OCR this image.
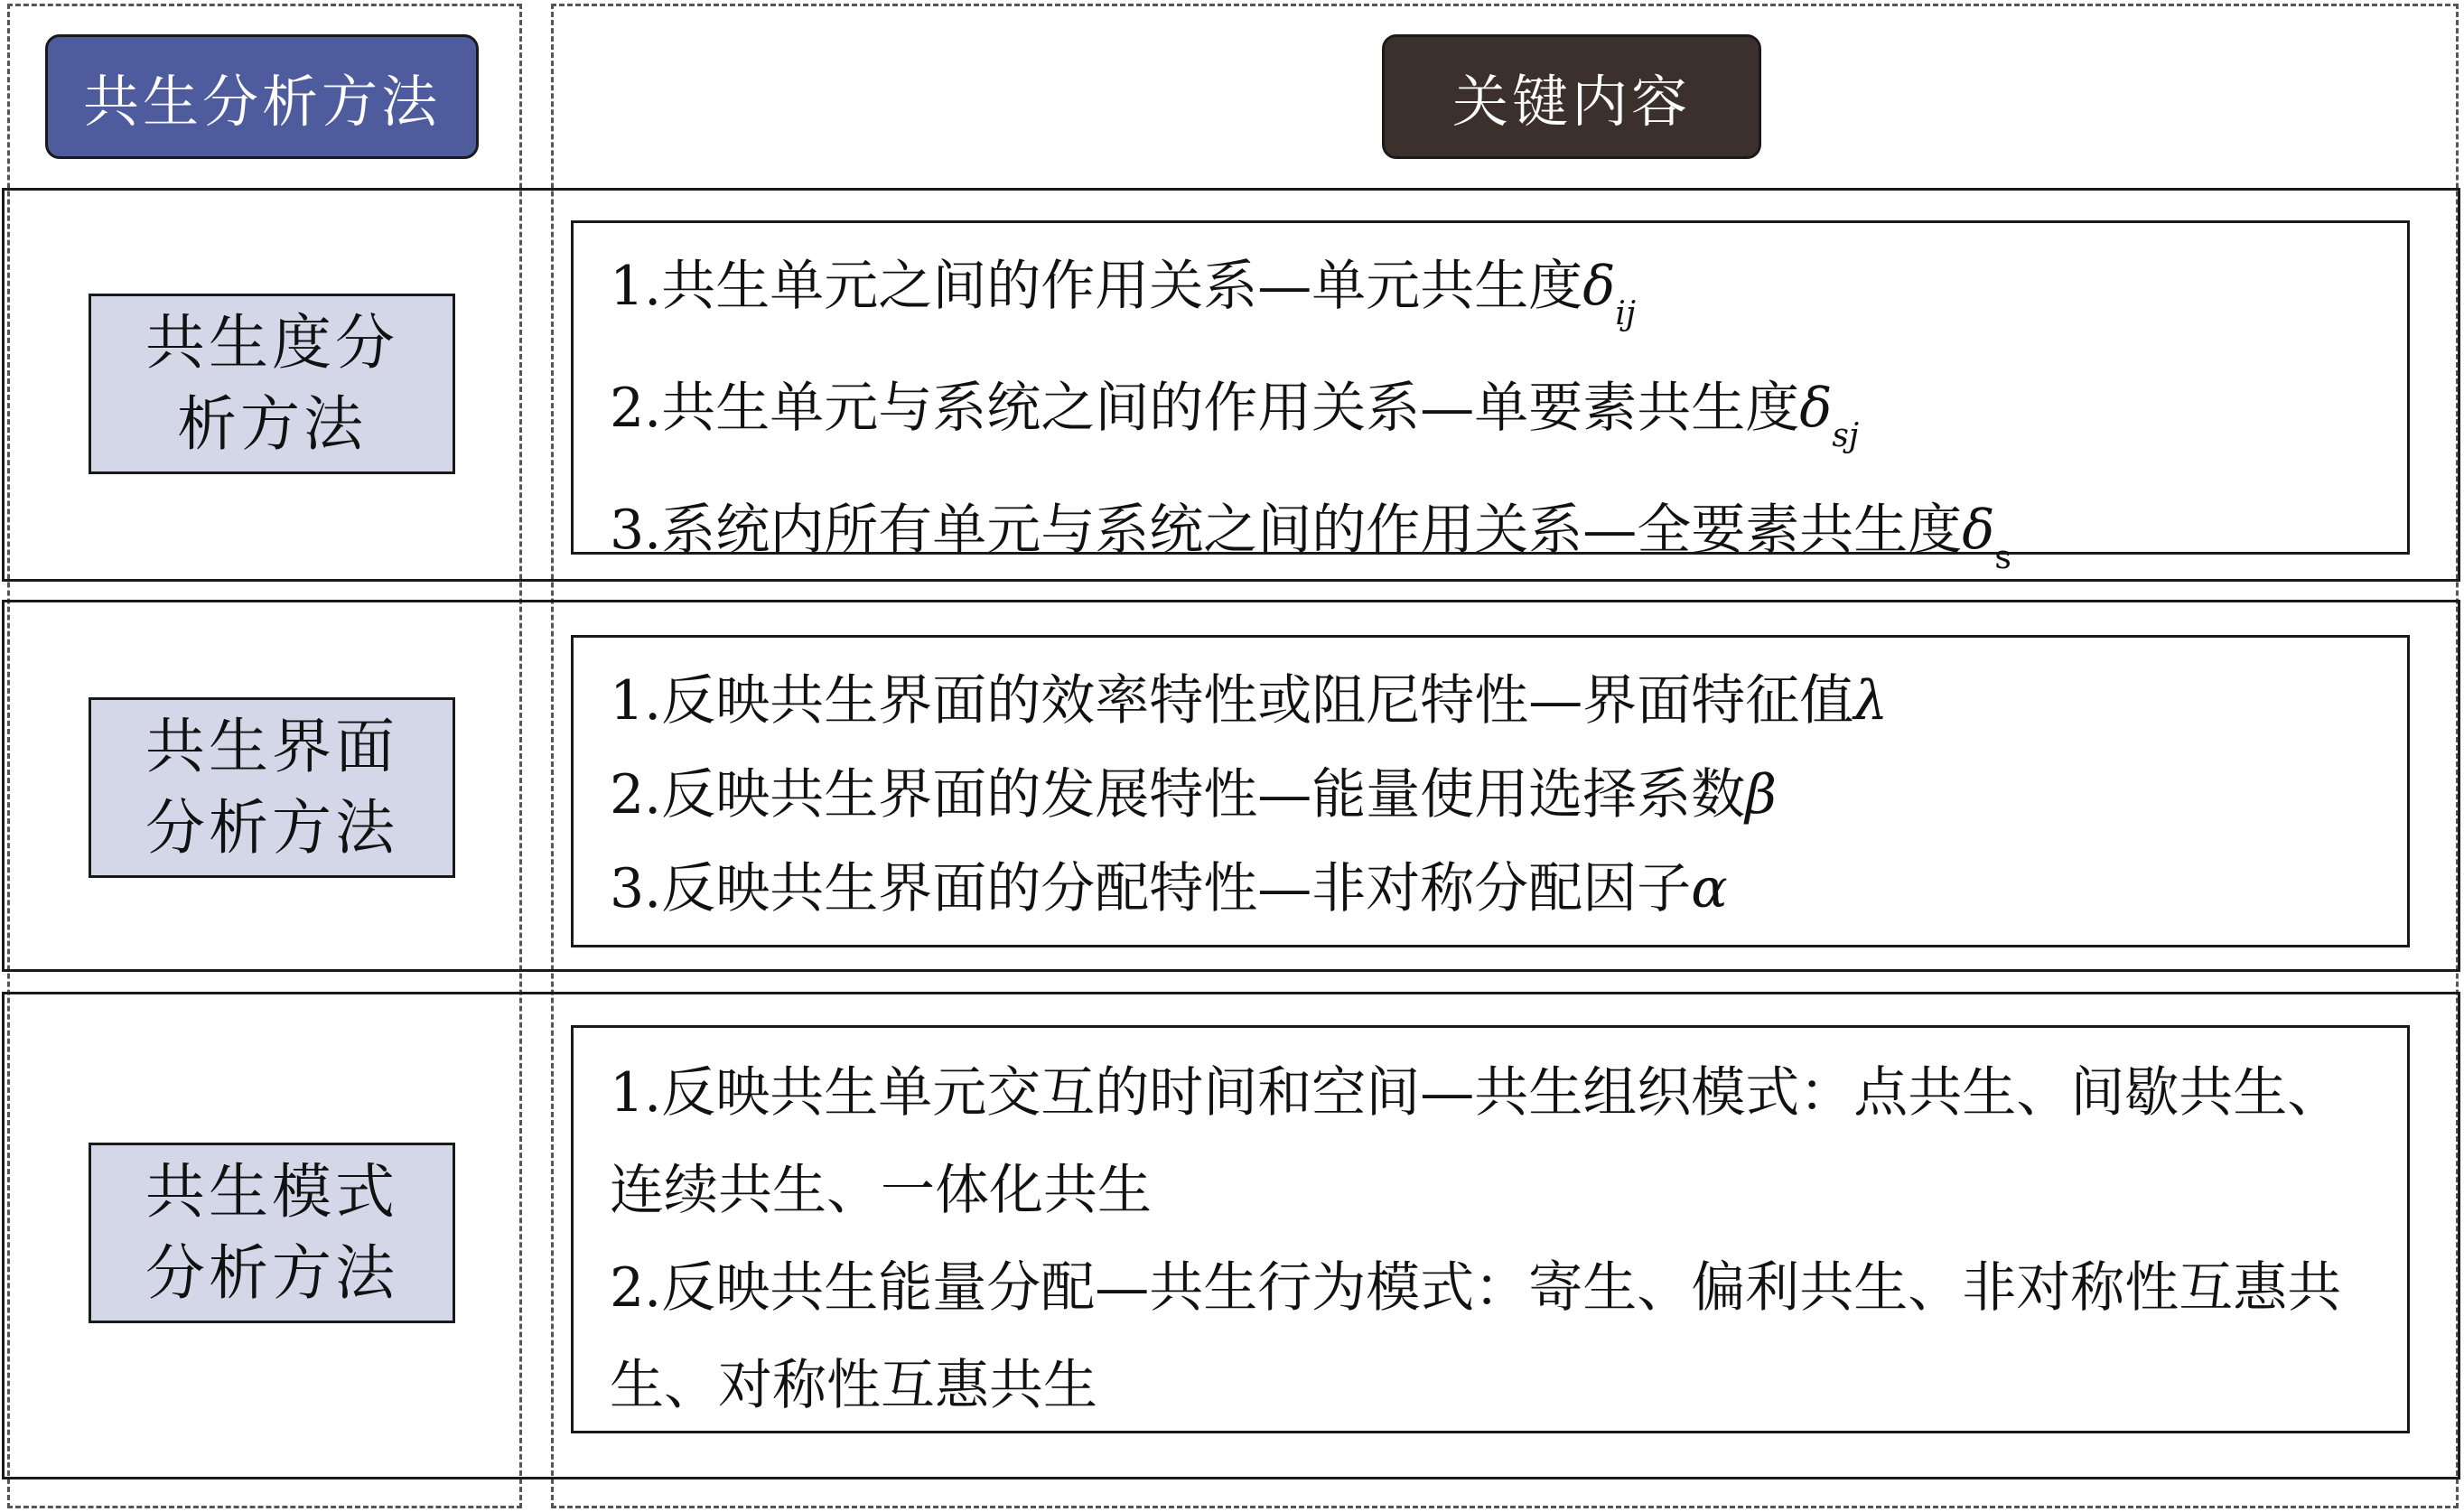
共生分析方法	关键内容
共生度分析方法

1.共生单元之间的作用关系—单元共生度$\delta_{ij}$

2.共生单元与系统之间的作用关系—单要素共生度$\delta_{sj}$

3.系统内所有单元与系统之间的作用关系—全要素共生度$\delta_s$

共生界面分析方法

1.反映共生界面的效率特性或阻尼特性—界面特征值λ

2.反映共生界面的发展特性—能量使用选择系数β

3.反映共生界面的分配特性—非对称分配因子α

共生模式分析方法

1.反映共生单元交互的时间和空间—共生组织模式：点共生、间歇共生、连续共生、一体化共生

2.反映共生能量分配—共生行为模式：寄生、偏利共生、非对称性互惠共生、对称性互惠共生
